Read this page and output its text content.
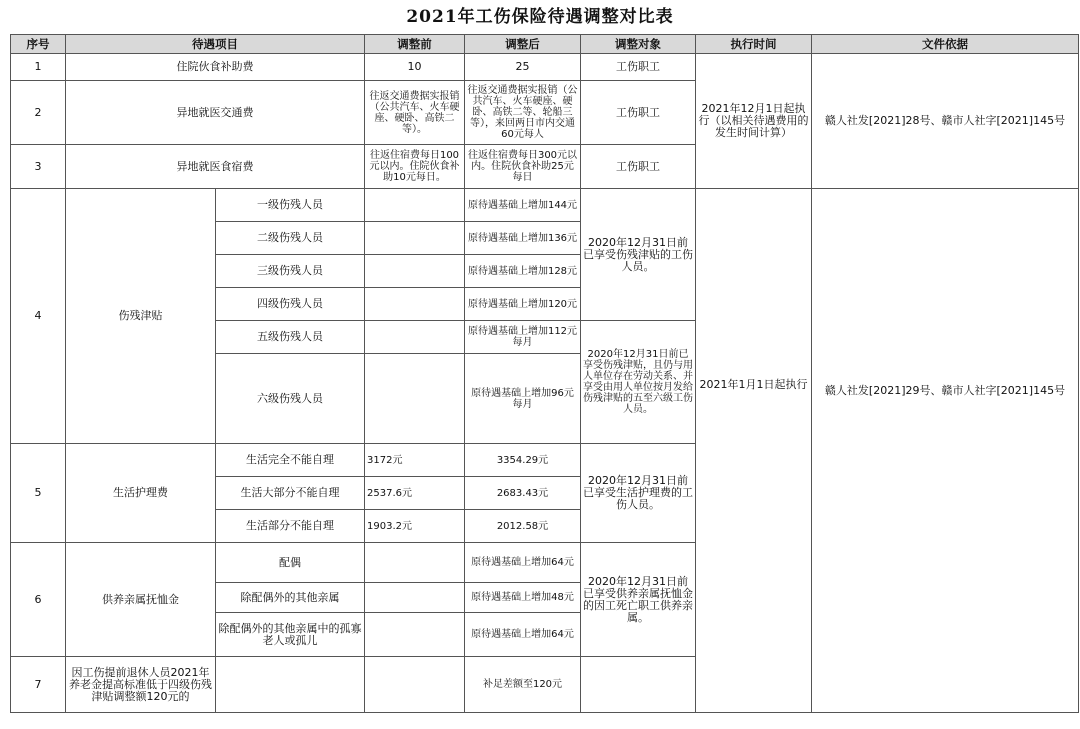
2021年工伤保险待遇调整对比表
序号	待遇项目		调整前	调整后	调整对象	执行时间	文件依据
1	住院伙食补助费		10	25	工伤职工	2021年12月1日起执行（以相关待遇费用的发生时间计算）	赣人社发[2021]28号、赣市人社字[2021]145号
2	异地就医交通费		往返交通费据实报销（公共汽车、火车硬座、硬卧、高铁二等）。	往返交通费据实报销（公共汽车、火车硬座、硬卧、高铁二等、轮船三等），来回两日市内交通60元每人	工伤职工		
3	异地就医食宿费		往返住宿费每日100元以内。住院伙食补助10元每日。	往返住宿费每日300元以内。住院伙食补助25元每日	工伤职工		
4	伤残津贴	一级伤残人员		原待遇基础上增加144元	2020年12月31日前已享受伤残津贴的工伤人员。	2021年1月1日起执行	赣人社发[2021]29号、赣市人社字[2021]145号
		二级伤残人员		原待遇基础上增加136元			
		三级伤残人员		原待遇基础上增加128元			
		四级伤残人员		原待遇基础上增加120元			
		五级伤残人员		原待遇基础上增加112元每月	2020年12月31日前已享受伤残津贴，且仍与用人单位存在劳动关系、并享受由用人单位按月发给伤残津贴的五至六级工伤人员。		
		六级伤残人员		原待遇基础上增加96元每月			
5	生活护理费	生活完全不能自理	3172元	3354.29元	2020年12月31日前已享受生活护理费的工伤人员。		
		生活大部分不能自理	2537.6元	2683.43元			
		生活部分不能自理	1903.2元	2012.58元			
6	供养亲属抚恤金	配偶		原待遇基础上增加64元	2020年12月31日前已享受供养亲属抚恤金的因工死亡职工供养亲属。		
		除配偶外的其他亲属		原待遇基础上增加48元			
		除配偶外的其他亲属中的孤寡老人或孤儿		原待遇基础上增加64元			
7	因工伤提前退休人员2021年养老金提高标准低于四级伤残津贴调整额120元的			补足差额至120元			
